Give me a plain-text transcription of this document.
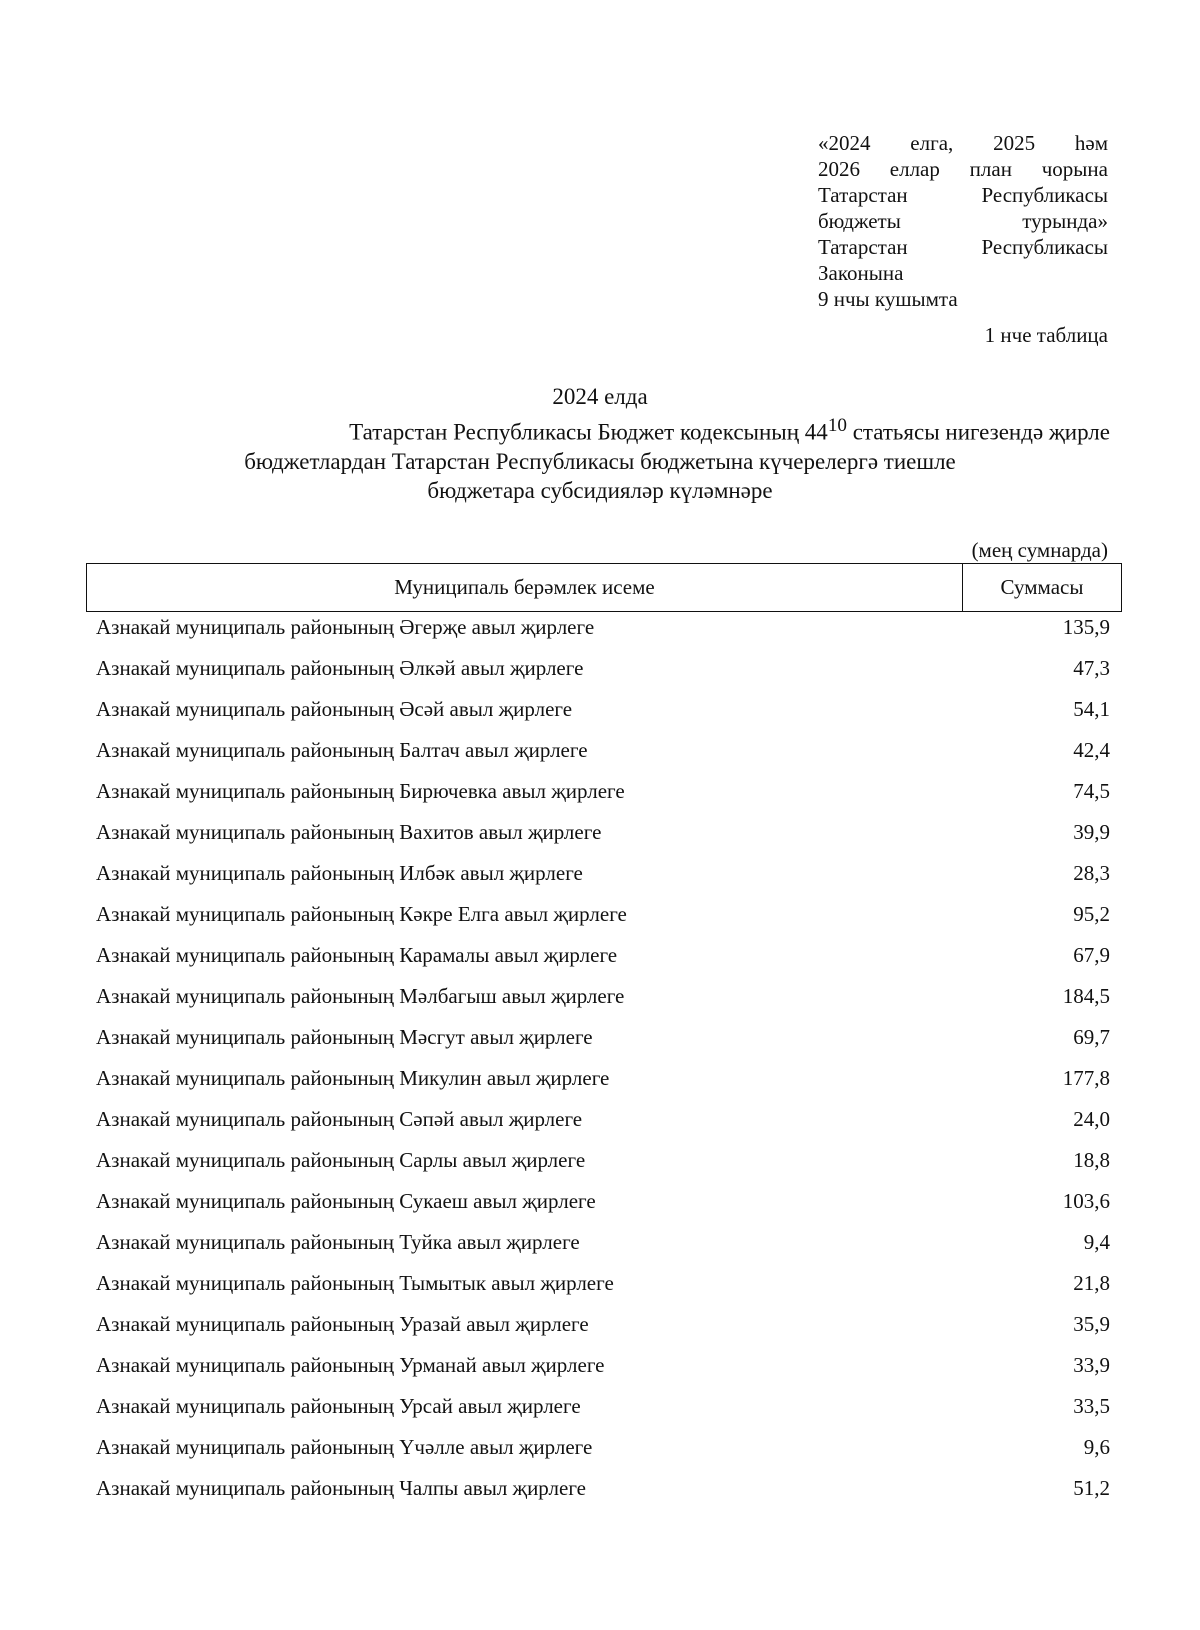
«2024 елга, 2025 һәм
2026 еллар план чорына
Татарстан	Республикасы
бюджеты	турында»
Татарстан	Республикасы
Законына
9 нчы кушымта
1 нче таблица
2024 елда
Татарстан Республикасы Бюджет кодексының $44^{10}$ статьясы нигезендә җирле
бюджетлардан Татарстан Республикасы бюджетына күчерелергә тиешле
бюджетара субсидияләр күләмнәре
(мең сумнарда)
Муниципаль берәмлек исеме	Суммасы
Азнакай муниципаль районының Әгерҗе авыл җирлеге	135,9
Азнакай муниципаль районының Әлкәй авыл җирлеге	47,3
Азнакай муниципаль районының Әсәй авыл җирлеге	54,1
Азнакай муниципаль районының Балтач авыл җирлеге	42,4
Азнакай муниципаль районының Бирючевка авыл җирлеге	74,5
Азнакай муниципаль районының Вахитов авыл җирлеге	39,9
Азнакай муниципаль районының Илбәк авыл җирлеге	28,3
Азнакай муниципаль районының Кәкре Елга авыл җирлеге	95,2
Азнакай муниципаль районының Карамалы авыл җирлеге	67,9
Азнакай муниципаль районының Мәлбагыш авыл җирлеге	184,5
Азнакай муниципаль районының Мәсгут авыл җирлеге	69,7
Азнакай муниципаль районының Микулин авыл җирлеге	177,8
Азнакай муниципаль районының Сәпәй авыл җирлеге	24,0
Азнакай муниципаль районының Сарлы авыл җирлеге	18,8
Азнакай муниципаль районының Сукаеш авыл җирлеге	103,6
Азнакай муниципаль районының Туйка авыл җирлеге	9,4
Азнакай муниципаль районының Тымытык авыл җирлеге	21,8
Азнакай муниципаль районының Уразай авыл җирлеге	35,9
Азнакай муниципаль районының Урманай авыл җирлеге	33,9
Азнакай муниципаль районының Урсай авыл җирлеге	33,5
Азнакай муниципаль районының Үчәлле авыл җирлеге	9,6
Азнакай муниципаль районының Чалпы авыл җирлеге	51,2
